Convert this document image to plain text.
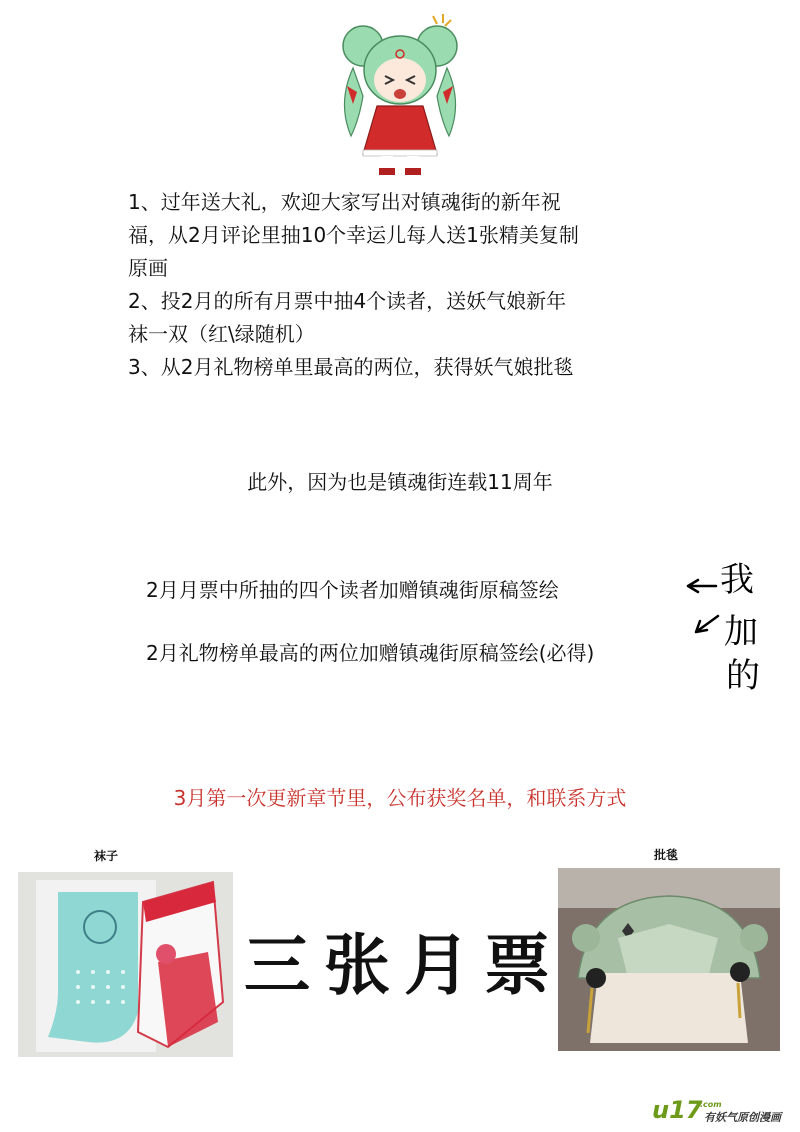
1、过年送大礼，欢迎大家写出对镇魂街的新年祝

福，从2月评论里抽10个幸运儿每人送1张精美复制

原画

2、投2月的所有月票中抽4个读者，送妖气娘新年

袜一双（红\绿随机）

3、从2月礼物榜单里最高的两位，获得妖气娘批毯

此外，因为也是镇魂街连载11周年
2月月票中所抽的四个读者加赠镇魂街原稿签绘
2月礼物榜单最高的两位加赠镇魂街原稿签绘(必得)
我
加
的
3月第一次更新章节里，公布获奖名单，和联系方式
袜子	批毯
三张月票
u17
.com
有妖气原创漫画
